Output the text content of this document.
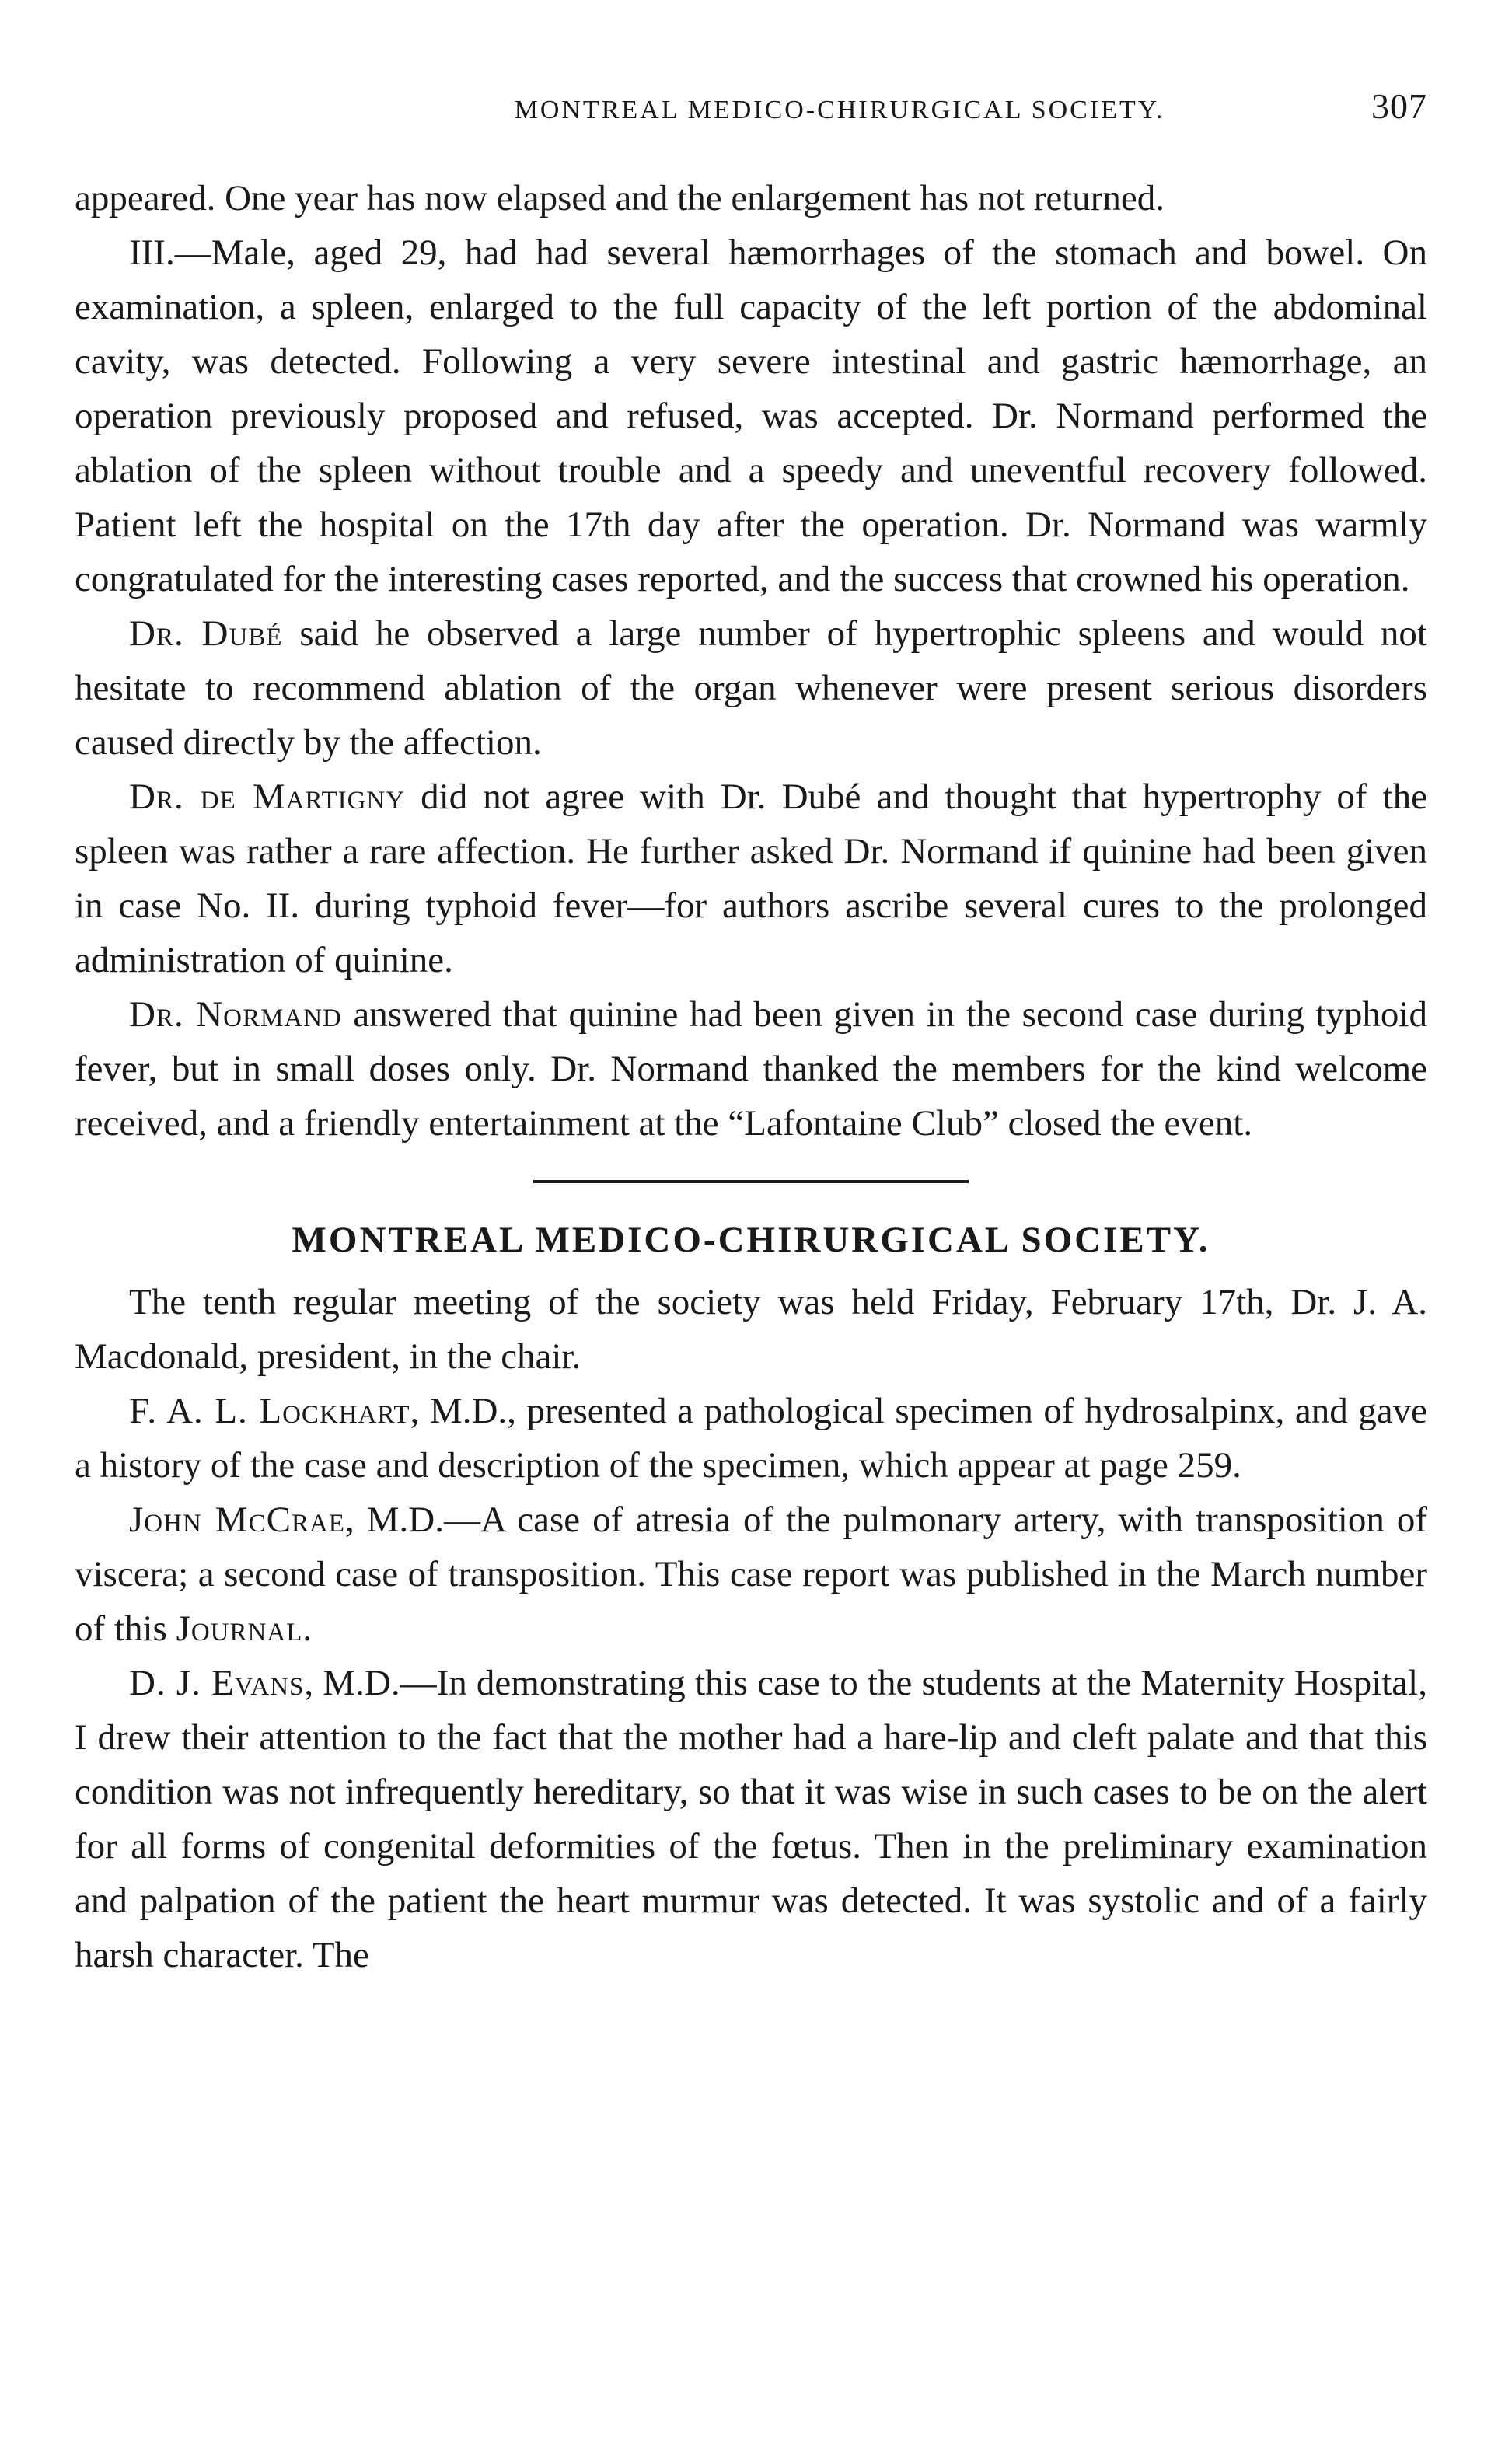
MONTREAL MEDICO-CHIRURGICAL SOCIETY.	307

appeared. One year has now elapsed and the enlargement has not returned.

III.—Male, aged 29, had had several hæmorrhages of the stomach and bowel. On examination, a spleen, enlarged to the full capacity of the left portion of the abdominal cavity, was detected. Following a very severe intestinal and gastric hæmorrhage, an operation previously proposed and refused, was accepted. Dr. Normand performed the ablation of the spleen without trouble and a speedy and uneventful recovery followed. Patient left the hospital on the 17th day after the operation. Dr. Normand was warmly congratulated for the interesting cases reported, and the success that crowned his operation.

Dr. Dubé said he observed a large number of hypertrophic spleens and would not hesitate to recommend ablation of the organ whenever were present serious disorders caused directly by the affection.

Dr. de Martigny did not agree with Dr. Dubé and thought that hypertrophy of the spleen was rather a rare affection. He further asked Dr. Normand if quinine had been given in case No. II. during typhoid fever—for authors ascribe several cures to the prolonged administration of quinine.

Dr. Normand answered that quinine had been given in the second case during typhoid fever, but in small doses only. Dr. Normand thanked the members for the kind welcome received, and a friendly entertainment at the “Lafontaine Club” closed the event.

MONTREAL MEDICO-CHIRURGICAL SOCIETY.

The tenth regular meeting of the society was held Friday, February 17th, Dr. J. A. Macdonald, president, in the chair.

F. A. L. Lockhart, M.D., presented a pathological specimen of hydrosalpinx, and gave a history of the case and description of the specimen, which appear at page 259.

John McCrae, M.D.—A case of atresia of the pulmonary artery, with transposition of viscera; a second case of transposition. This case report was published in the March number of this Journal.

D. J. Evans, M.D.—In demonstrating this case to the students at the Maternity Hospital, I drew their attention to the fact that the mother had a hare-lip and cleft palate and that this condition was not infrequently hereditary, so that it was wise in such cases to be on the alert for all forms of congenital deformities of the fœtus. Then in the preliminary examination and palpation of the patient the heart murmur was detected. It was systolic and of a fairly harsh character. The
